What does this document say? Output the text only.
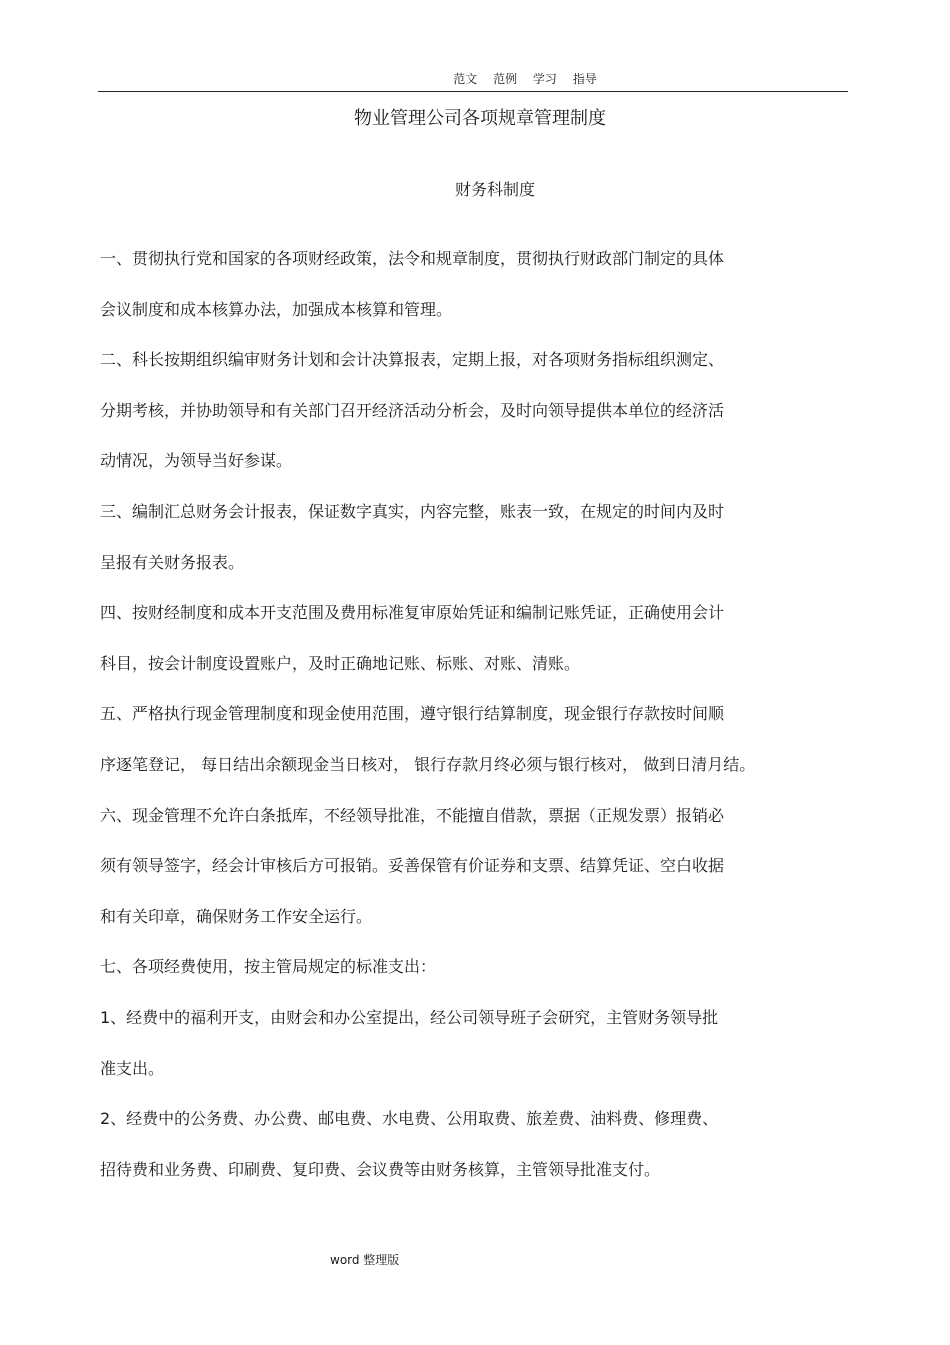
范文 范例 学习 指导
物业管理公司各项规章管理制度
财务科制度
一、贯彻执行党和国家的各项财经政策，法令和规章制度，贯彻执行财政部门制定的具体
会议制度和成本核算办法，加强成本核算和管理。
二、科长按期组织编审财务计划和会计决算报表，定期上报，对各项财务指标组织测定、
分期考核，并协助领导和有关部门召开经济活动分析会，及时向领导提供本单位的经济活
动情况，为领导当好参谋。
三、编制汇总财务会计报表，保证数字真实，内容完整，账表一致，在规定的时间内及时
呈报有关财务报表。
四、按财经制度和成本开支范围及费用标准复审原始凭证和编制记账凭证，正确使用会计
科目，按会计制度设置账户，及时正确地记账、标账、对账、清账。
五、严格执行现金管理制度和现金使用范围，遵守银行结算制度，现金银行存款按时间顺
序逐笔登记， 每日结出余额现金当日核对， 银行存款月终必须与银行核对， 做到日清月结。
六、现金管理不允许白条抵库，不经领导批准，不能擅自借款，票据（正规发票）报销必
须有领导签字，经会计审核后方可报销。妥善保管有价证券和支票、结算凭证、空白收据
和有关印章，确保财务工作安全运行。
七、各项经费使用，按主管局规定的标准支出：
1、经费中的福利开支，由财会和办公室提出，经公司领导班子会研究，主管财务领导批
准支出。
2、经费中的公务费、办公费、邮电费、水电费、公用取费、旅差费、油料费、修理费、
招待费和业务费、印刷费、复印费、会议费等由财务核算，主管领导批准支付。
word 整理版
